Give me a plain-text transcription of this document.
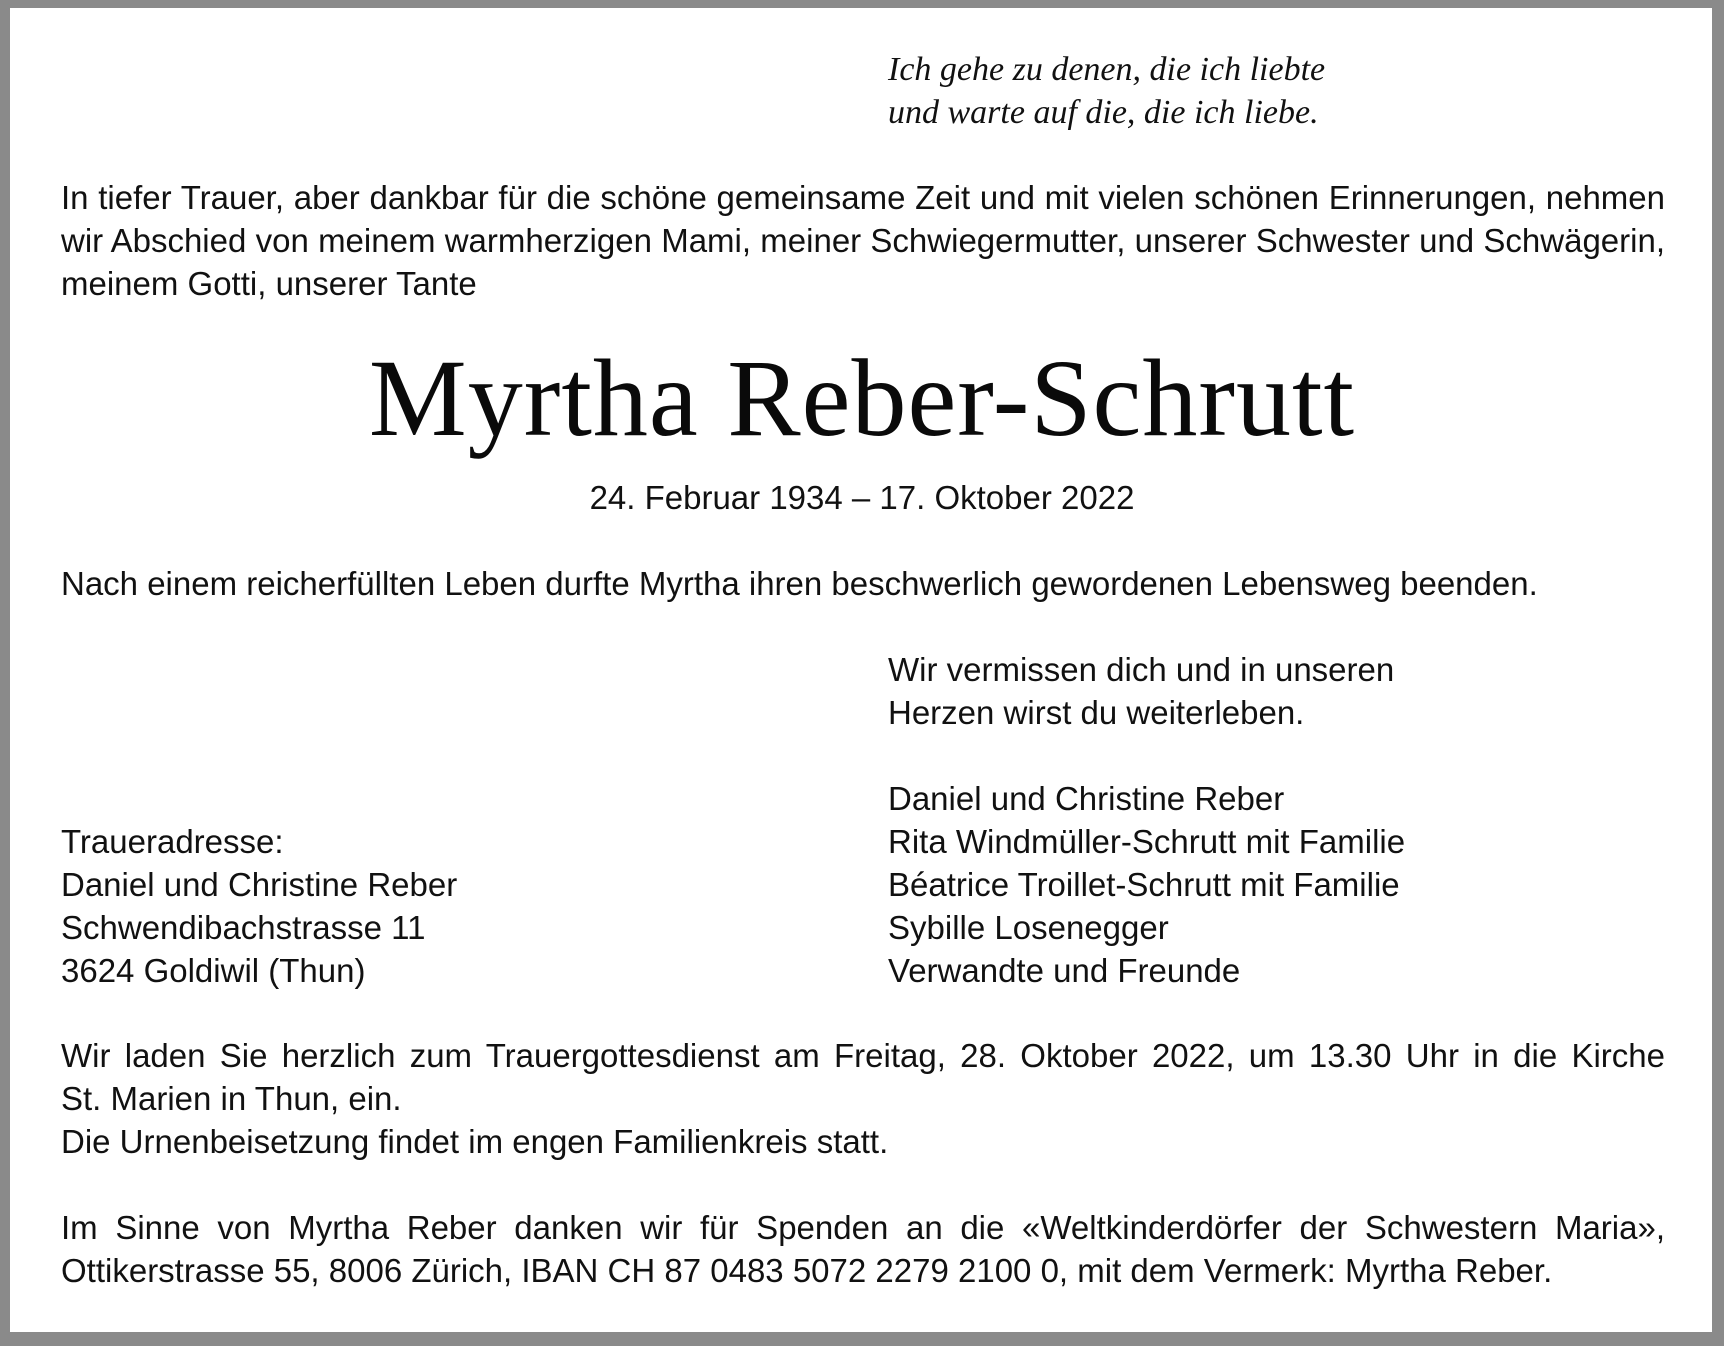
Ich gehe zu denen, die ich liebte
und warte auf die, die ich liebe.
In tiefer Trauer, aber dankbar für die schöne gemeinsame Zeit und mit vielen schönen Erinnerungen, nehmen
wir Abschied von meinem warmherzigen Mami, meiner Schwiegermutter, unserer Schwester und Schwägerin,
meinem Gotti, unserer Tante
Myrtha Reber-Schrutt
24. Februar 1934 – 17. Oktober 2022
Nach einem reicherfüllten Leben durfte Myrtha ihren beschwerlich gewordenen Lebensweg beenden.
Wir vermissen dich und in unseren
Herzen wirst du weiterleben.
Daniel und Christine Reber
Rita Windmüller-Schrutt mit Familie
Béatrice Troillet-Schrutt mit Familie
Sybille Losenegger
Verwandte und Freunde
Traueradresse:
Daniel und Christine Reber
Schwendibachstrasse 11
3624 Goldiwil (Thun)
Wir laden Sie herzlich zum Trauergottesdienst am Freitag, 28. Oktober 2022, um 13.30 Uhr in die Kirche
St. Marien in Thun, ein.
Die Urnenbeisetzung findet im engen Familienkreis statt.
Im Sinne von Myrtha Reber danken wir für Spenden an die «Weltkinderdörfer der Schwestern Maria»,
Ottikerstrasse 55, 8006 Zürich, IBAN CH 87 0483 5072 2279 2100 0, mit dem Vermerk: Myrtha Reber.
